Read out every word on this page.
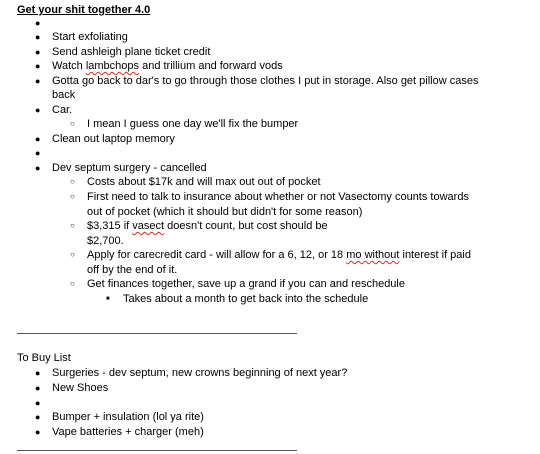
Get your shit together 4.0
●
● Start exfoliating
● Send ashleigh plane ticket credit
● Watch lambchops and trillium and forward vods
● Gotta go back to dar's to go through those clothes I put in storage. Also get pillow cases
back
● Car.
○ I mean I guess one day we'll fix the bumper
● Clean out laptop memory
●
● Dev septum surgery - cancelled
○ Costs about $17k and will max out out of pocket
○ First need to talk to insurance about whether or not Vasectomy counts towards
out of pocket (which it should but didn't for some reason)
○ $3,315 if vasect doesn't count, but cost should be
$2,700.
○ Apply for carecredit card - will allow for a 6, 12, or 18 mo without interest if paid
off by the end of it.
○ Get finances together, save up a grand if you can and reschedule
■ Takes about a month to get back into the schedule
To Buy List
● Surgeries - dev septum, new crowns beginning of next year?
● New Shoes
●
● Bumper + insulation (lol ya rite)
● Vape batteries + charger (meh)
